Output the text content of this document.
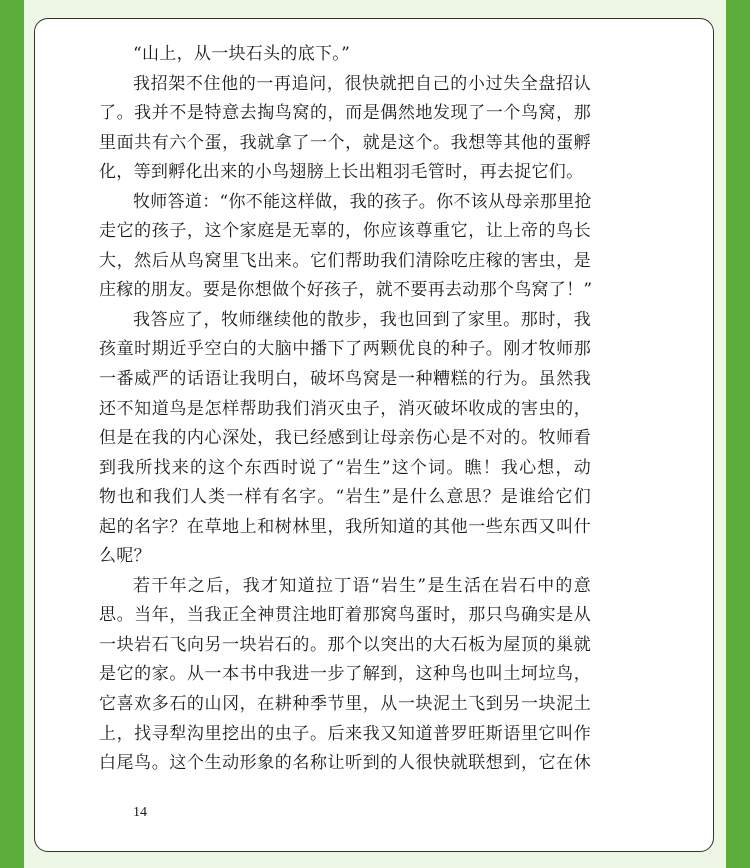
“山上，从一块石头的底下。”
我招架不住他的一再追问，很快就把自己的小过失全盘招认
了。我并不是特意去掏鸟窝的，而是偶然地发现了一个鸟窝，那
里面共有六个蛋，我就拿了一个，就是这个。我想等其他的蛋孵
化，等到孵化出来的小鸟翅膀上长出粗羽毛管时，再去捉它们。
牧师答道：“你不能这样做，我的孩子。你不该从母亲那里抢
走它的孩子，这个家庭是无辜的，你应该尊重它，让上帝的鸟长
大，然后从鸟窝里飞出来。它们帮助我们清除吃庄稼的害虫，是
庄稼的朋友。要是你想做个好孩子，就不要再去动那个鸟窝了！”
我答应了，牧师继续他的散步，我也回到了家里。那时，我
孩童时期近乎空白的大脑中播下了两颗优良的种子。刚才牧师那
一番威严的话语让我明白，破坏鸟窝是一种糟糕的行为。虽然我
还不知道鸟是怎样帮助我们消灭虫子，消灭破坏收成的害虫的，
但是在我的内心深处，我已经感到让母亲伤心是不对的。牧师看
到我所找来的这个东西时说了“岩生”这个词。瞧！我心想，动
物也和我们人类一样有名字。“岩生”是什么意思？是谁给它们
起的名字？在草地上和树林里，我所知道的其他一些东西又叫什
么呢？
若干年之后，我才知道拉丁语“岩生”是生活在岩石中的意
思。当年，当我正全神贯注地盯着那窝鸟蛋时，那只鸟确实是从
一块岩石飞向另一块岩石的。那个以突出的大石板为屋顶的巢就
是它的家。从一本书中我进一步了解到，这种鸟也叫土坷垃鸟，
它喜欢多石的山冈，在耕种季节里，从一块泥土飞到另一块泥土
上，找寻犁沟里挖出的虫子。后来我又知道普罗旺斯语里它叫作
白尾鸟。这个生动形象的名称让听到的人很快就联想到，它在休
14
